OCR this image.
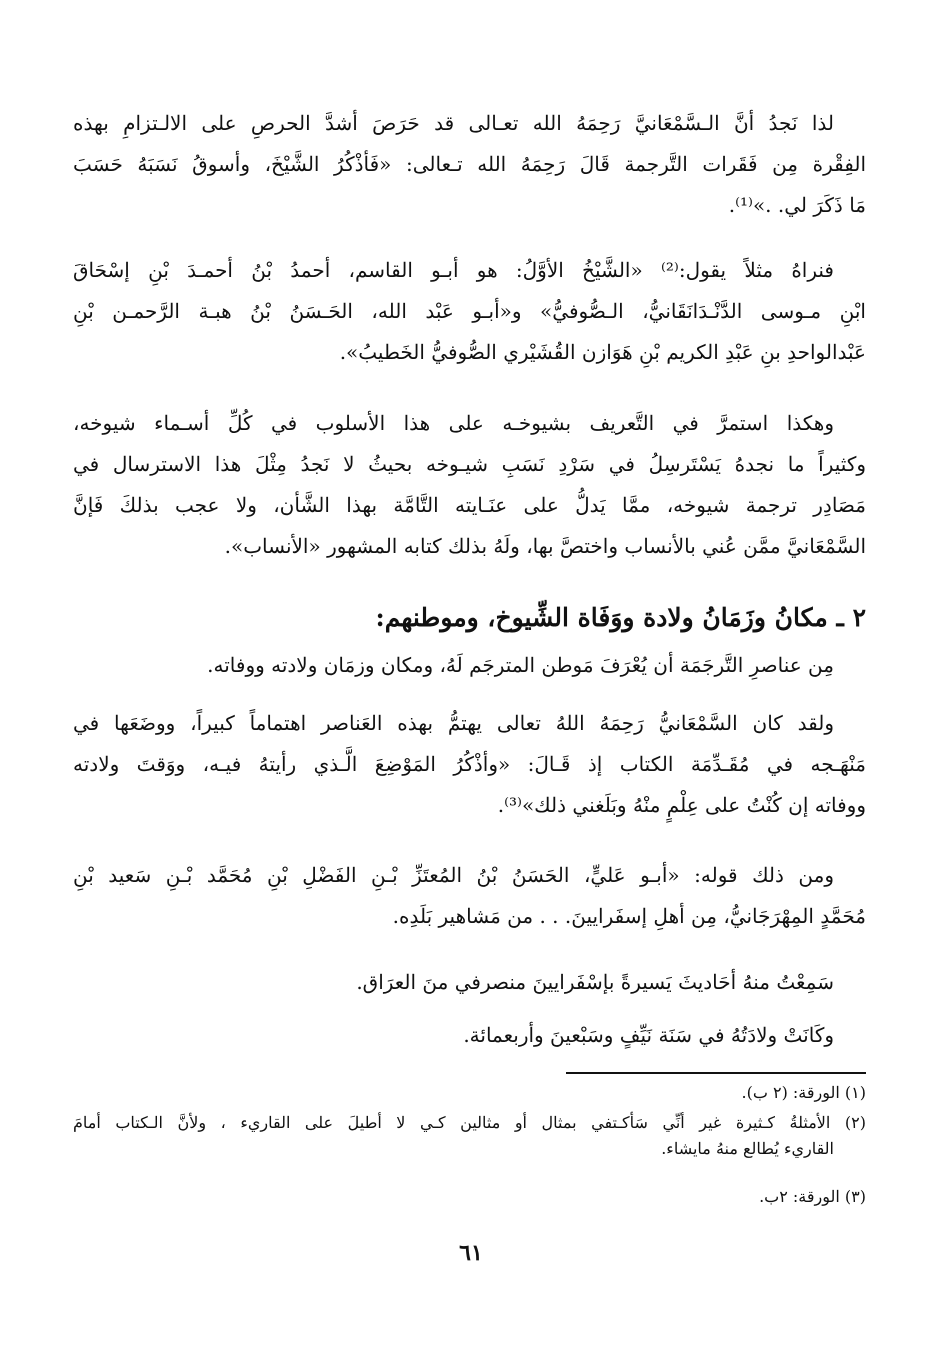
لذا نَجدُ أنَّ الـسَّمْعَانيَّ رَحِمَهُ الله تعـالى قد حَرَصَ أشدَّ الحرصِ على الالـتزامِ بهذه
الفِقْرة مِن فَقَرات التَّرجمة قَالَ رَحِمَهُ الله تـعالى: «فَأذْكُرُ الشَّيْخَ، وأسوقُ نَسَبَهُ حَسَبَ
مَا ذَكَرَ لي. .»⁽¹⁾.
فنراهُ مثلاً يقول:⁽²⁾ «الشَّيْخُ الأوَّلُ: هو أبـو القاسم، أحمدُ بْنُ أحمـدَ بْنِ إسْحَاقَ
ابْنِ مـوسى الدَّنْـدَانَقَانيُّ، الـصُّوفيُّ» و«أبـو عَبْد الله، الحَـسَنُ بْنُ هبـة الرَّحمـن بْنِ
عَبْدالواحدِ بنِ عَبْدِ الكريم بْنِ هَوَازن القُشَيْري الصُّوفيُّ الخَطيبُ».
وهكذا استمرَّ في التَّعريف بشيوخـه على هذا الأسلوب في كُلِّ أسـماء شيوخه،
وكثيراً ما نجدهُ يَسْتَرسِلُ في سَرْدِ نَسَبِ شيـوخه بحيثُ لا نَجدُ مِثْلَ هذا الاسترسال في
مَصَادِر ترجمة شيوخه، ممَّا يَدلُّ على عنَـايته التَّامَّة بهذا الشَّأن، ولا عجب بذلكَ فَإنَّ
السَّمْعَانيَّ ممَّن عُني بالأنساب واختصَّ بها، ولَهُ بذلك كتابه المشهور «الأنساب».
٢ ـ مكانُ وزَمَانُ ولادة ووَفَاة الشِّيوخ، وموطنهم:
مِن عناصرِ التَّرجَمَة أن يُعْرَفَ مَوطن المترجَم لَهُ، ومكان وزمَان ولادته ووفاته.
ولقد كان السَّمْعَانيُّ رَحِمَهُ اللهُ تعالى يهتمُّ بهذه العَناصر اهتماماً كبيراً، ووضَعَها في
مَنْهَـجه في مُقَـدِّمَة الكتاب إذ قَـالَ: «وأذْكُرُ المَوْضِعَ الَّـذي رأيتهُ فيـه، ووَقتَ ولادته
ووفاته إن كُنْتُ على عِلْمٍ منْهُ وبَلَغني ذلك»⁽³⁾.
ومن ذلك قوله: «أبـو عَليٍّ، الحَسَنُ بْنُ المُعتَزِّ بْـنِ الفَضْلِ بْنِ مُحَمَّد بْـنِ سَعيد بْنِ
مُحَمَّدٍ المِهْرَجَانيُّ، مِن أهلِ إسفَرايينَ. . . من مَشاهير بَلَدِه.
سَمِعْتُ منهُ أحَاديثَ يَسيرةً بإسْفَرايينَ منصرفي منَ العرَاق.
وكَانَتْ ولادَتُهُ في سَنَة نَيِّفٍ وسَبْعينَ وأربعمائة.
(١) الورقة: (٢ ب).
(٢) الأمثلةُ كـثيرة غير أنِّي سَأكـتفي بمثال أو مثالين كـي لا أطيلَ على القاريء ، ولأنَّ الـكتاب أمامَ
القاريء يُطالع منهُ مايشاء.
(٣) الورقة: ٢ب.
٦١
